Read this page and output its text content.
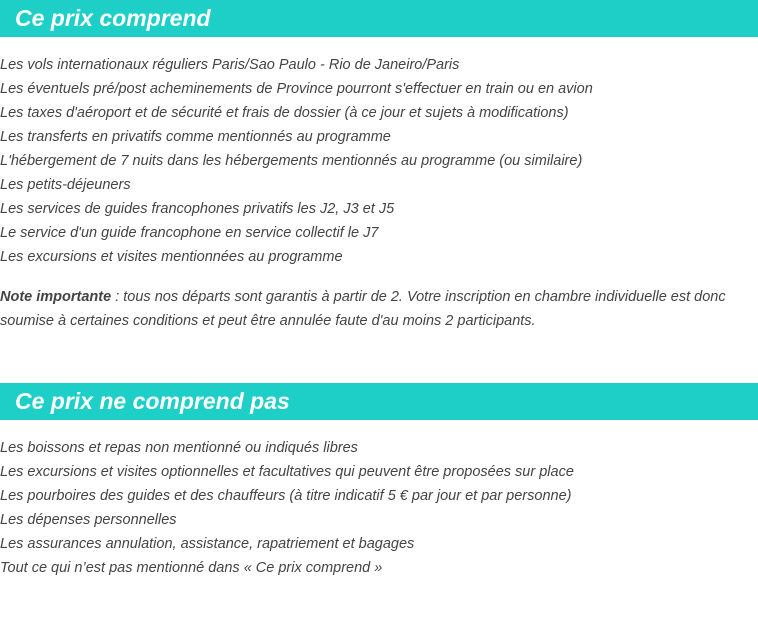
Ce prix comprend
Les vols internationaux réguliers Paris/Sao Paulo - Rio de Janeiro/Paris
Les éventuels pré/post acheminements de Province pourront s'effectuer en train ou en avion
Les taxes d'aéroport et de sécurité et frais de dossier (à ce jour et sujets à modifications)
Les transferts en privatifs comme mentionnés au programme
L'hébergement de 7 nuits dans les hébergements mentionnés au programme (ou similaire)
Les petits-déjeuners
Les services de guides francophones privatifs les J2, J3 et J5
Le service d'un guide francophone en service collectif le J7
Les excursions et visites mentionnées au programme

Note importante : tous nos départs sont garantis à partir de 2. Votre inscription en chambre individuelle est donc soumise à certaines conditions et peut être annulée faute d'au moins 2 participants.

Ce prix ne comprend pas
Les boissons et repas non mentionné ou indiqués libres
Les excursions et visites optionnelles et facultatives qui peuvent être proposées sur place
Les pourboires des guides et des chauffeurs (à titre indicatif 5 € par jour et par personne)
Les dépenses personnelles
Les assurances annulation, assistance, rapatriement et bagages
Tout ce qui n’est pas mentionné dans « Ce prix comprend »
